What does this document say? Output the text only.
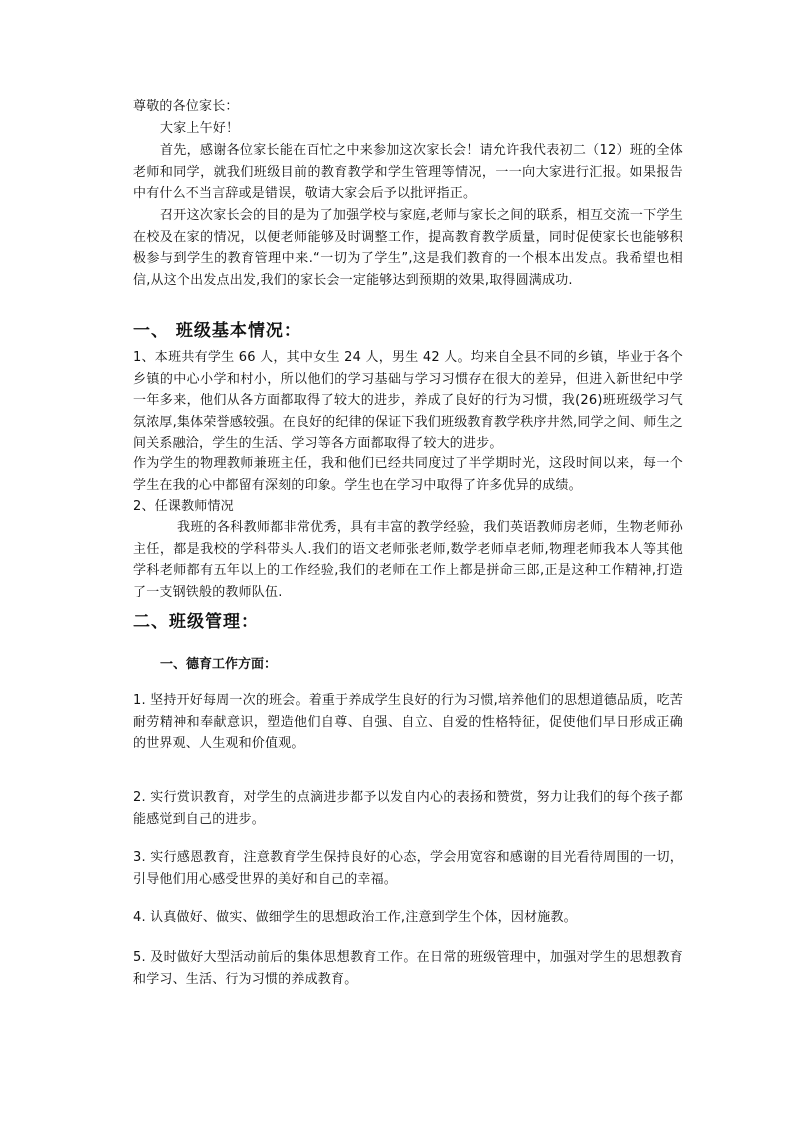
尊敬的各位家长：
大家上午好！
首先，感谢各位家长能在百忙之中来参加这次家长会！请允许我代表初二（12）班的全体老师和同学，就我们班级目前的教育教学和学生管理等情况，一一向大家进行汇报。如果报告中有什么不当言辞或是错误，敬请大家会后予以批评指正。
召开这次家长会的目的是为了加强学校与家庭,老师与家长之间的联系，相互交流一下学生在校及在家的情况，以便老师能够及时调整工作，提高教育教学质量，同时促使家长也能够积极参与到学生的教育管理中来.“一切为了学生”,这是我们教育的一个根本出发点。我希望也相信,从这个出发点出发,我们的家长会一定能够达到预期的效果,取得圆满成功.
一、 班级基本情况：
1、本班共有学生 66 人，其中女生 24 人，男生 42 人。均来自全县不同的乡镇，毕业于各个乡镇的中心小学和村小，所以他们的学习基础与学习习惯存在很大的差异，但进入新世纪中学一年多来，他们从各方面都取得了较大的进步，养成了良好的行为习惯，我(26)班班级学习气氛浓厚,集体荣誉感较强。在良好的纪律的保证下我们班级教育教学秩序井然,同学之间、师生之间关系融洽，学生的生活、学习等各方面都取得了较大的进步。
作为学生的物理教师兼班主任，我和他们已经共同度过了半学期时光，这段时间以来，每一个学生在我的心中都留有深刻的印象。学生也在学习中取得了许多优异的成绩。
2、任课教师情况
我班的各科教师都非常优秀，具有丰富的教学经验，我们英语教师房老师，生物老师孙主任，都是我校的学科带头人.我们的语文老师张老师,数学老师卓老师,物理老师我本人等其他学科老师都有五年以上的工作经验,我们的老师在工作上都是拼命三郎,正是这种工作精神,打造了一支钢铁般的教师队伍.
二、班级管理：
一、德育工作方面：
1. 坚持开好每周一次的班会。着重于养成学生良好的行为习惯,培养他们的思想道德品质，吃苦耐劳精神和奉献意识，塑造他们自尊、自强、自立、自爱的性格特征，促使他们早日形成正确的世界观、人生观和价值观。
2. 实行赏识教育，对学生的点滴进步都予以发自内心的表扬和赞赏，努力让我们的每个孩子都能感觉到自己的进步。
3. 实行感恩教育，注意教育学生保持良好的心态，学会用宽容和感谢的目光看待周围的一切，引导他们用心感受世界的美好和自己的幸福。
4. 认真做好、做实、做细学生的思想政治工作,注意到学生个体，因材施教。
5. 及时做好大型活动前后的集体思想教育工作。在日常的班级管理中，加强对学生的思想教育和学习、生活、行为习惯的养成教育。
